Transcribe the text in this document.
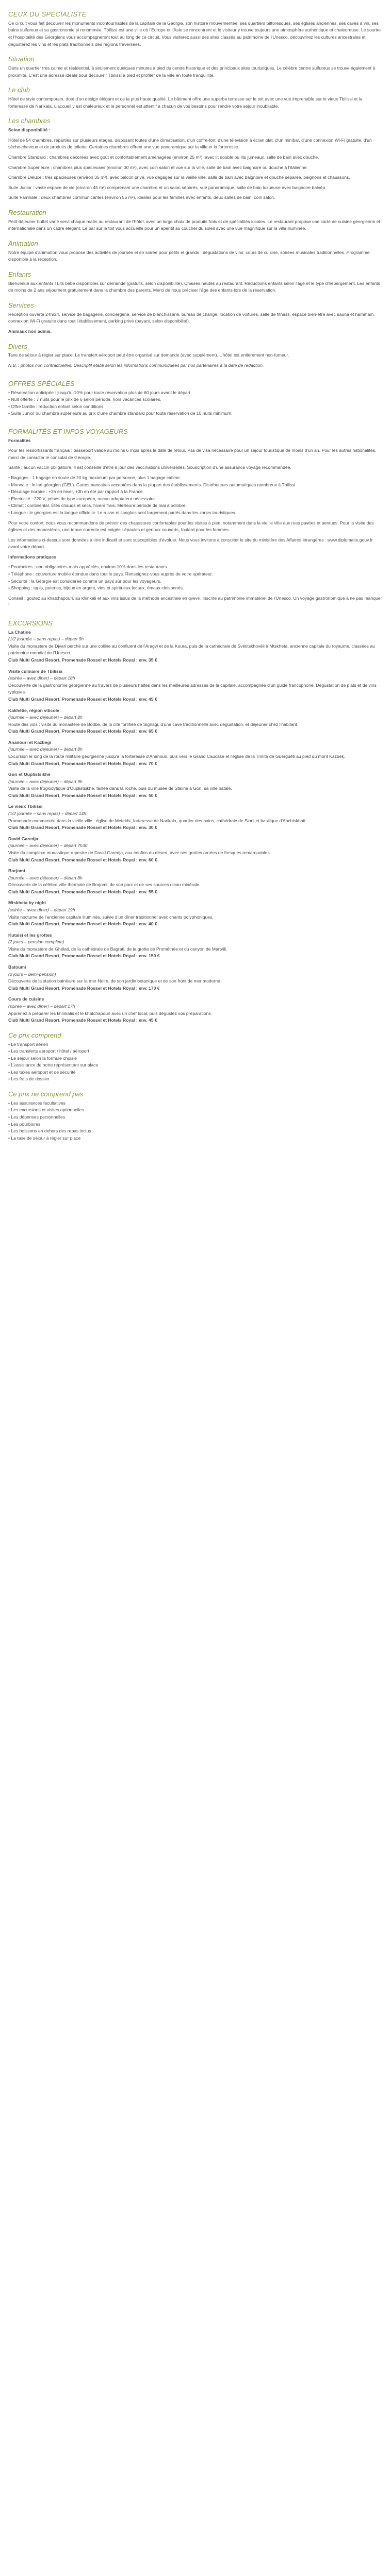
CEUX DU SPÉCIALISTE

Ce circuit vous fait découvrir les monuments incontournables de la capitale de la Géorgie, son histoire mouvementée, ses quartiers pittoresques, ses églises anciennes, ses caves à vin, ses bains sulfureux et sa gastronomie si renommée. Tbilissi est une ville où l'Europe et l'Asie se rencontrent et le visiteur y trouve toujours une atmosphère authentique et chaleureuse. Le sourire et l'hospitalité des Géorgiens vous accompagneront tout au long de ce circuit. Vous visiterez aussi des sites classés au patrimoine de l'Unesco, découvrirez les cultures ancestrales et dégusterez les vins et les plats traditionnels des régions traversées.

Situation

Dans un quartier très calme et résidentiel, à seulement quelques minutes à pied du centre historique et des principaux sites touristiques. Le célèbre centre sulfureux se trouve également à proximité. C'est une adresse idéale pour découvrir Tbilissi à pied et profiter de la ville en toute tranquillité.

Le club

Hôtel de style contemporain, doté d'un design élégant et de la plus haute qualité. Le bâtiment offre une superbe terrasse sur le toit avec une vue imprenable sur le vieux Tbilissi et la forteresse de Narikala. L'accueil y est chaleureux et le personnel est attentif à chacun de vos besoins pour rendre votre séjour inoubliable.

Les chambres

Selon disponibilité :

Hôtel de 54 chambres, réparties sur plusieurs étages, disposant toutes d'une climatisation, d'un coffre-fort, d'une télévision à écran plat, d'un minibar, d'une connexion Wi-Fi gratuite, d'un sèche-cheveux et de produits de toilette. Certaines chambres offrent une vue panoramique sur la ville et la forteresse.

Chambre Standard : chambres décorées avec goût et confortablement aménagées (environ 25 m²), avec lit double ou lits jumeaux, salle de bain avec douche.

Chambre Supérieure : chambres plus spacieuses (environ 30 m²), avec coin salon et vue sur la ville, salle de bain avec baignoire ou douche à l'italienne.

Chambre Deluxe : très spacieuses (environ 35 m²), avec balcon privé, vue dégagée sur la vieille ville, salle de bain avec baignoire et douche séparée, peignoirs et chaussons.

Suite Junior : vaste espace de vie (environ 45 m²) comprenant une chambre et un salon séparés, vue panoramique, salle de bain luxueuse avec baignoire balnéo.

Suite Familiale : deux chambres communicantes (environ 55 m²), idéales pour les familles avec enfants, deux salles de bain, coin salon.

Restauration

Petit-déjeuner buffet varié servi chaque matin au restaurant de l'hôtel, avec un large choix de produits frais et de spécialités locales. Le restaurant propose une carte de cuisine géorgienne et internationale dans un cadre élégant. Le bar sur le toit vous accueille pour un apéritif au coucher du soleil avec une vue magnifique sur la ville illuminée.

Animation

Notre équipe d'animation vous propose des activités de journée et en soirée pour petits et grands : dégustations de vins, cours de cuisine, soirées musicales traditionnelles. Programme disponible à la réception.

Enfants

Bienvenue aux enfants ! Lits bébé disponibles sur demande (gratuits, selon disponibilité). Chaises hautes au restaurant. Réductions enfants selon l'âge et le type d'hébergement. Les enfants de moins de 2 ans séjournent gratuitement dans la chambre des parents. Merci de nous préciser l'âge des enfants lors de la réservation.

Services

Réception ouverte 24h/24, service de bagagerie, conciergerie, service de blanchisserie, bureau de change, location de voitures, salle de fitness, espace bien-être avec sauna et hammam, connexion Wi-Fi gratuite dans tout l'établissement, parking privé (payant, selon disponibilité).

Animaux non admis.

Divers

Taxe de séjour à régler sur place. Le transfert aéroport peut être organisé sur demande (avec supplément). L'hôtel est entièrement non-fumeur.

N.B. : photos non contractuelles. Descriptif établi selon les informations communiquées par nos partenaires à la date de rédaction.

OFFRES SPÉCIALES
• Réservation anticipée : jusqu'à -10% pour toute réservation plus de 60 jours avant le départ.
• Nuit offerte : 7 nuits pour le prix de 6 selon période, hors vacances scolaires.
• Offre famille : réduction enfant selon conditions.
• Suite Junior ou chambre supérieure au prix d'une chambre standard pour toute réservation de 10 nuits minimum.
FORMALITÉS ET INFOS VOYAGEURS

Formalités

Pour les ressortissants français : passeport valide au moins 6 mois après la date de retour. Pas de visa nécessaire pour un séjour touristique de moins d'un an. Pour les autres nationalités, merci de consulter le consulat de Géorgie.

Santé : aucun vaccin obligatoire. Il est conseillé d'être à jour des vaccinations universelles. Souscription d'une assurance voyage recommandée.

• Bagages : 1 bagage en soute de 20 kg maximum par personne, plus 1 bagage cabine.
• Monnaie : le lari géorgien (GEL). Cartes bancaires acceptées dans la plupart des établissements. Distributeurs automatiques nombreux à Tbilissi.
• Décalage horaire : +2h en hiver, +3h en été par rapport à la France.
• Électricité : 220 V, prises de type européen, aucun adaptateur nécessaire.
• Climat : continental. Étés chauds et secs, hivers frais. Meilleure période de mai à octobre.
• Langue : le géorgien est la langue officielle. Le russe et l'anglais sont largement parlés dans les zones touristiques.

Pour votre confort, nous vous recommandons de prévoir des chaussures confortables pour les visites à pied, notamment dans la vieille ville aux rues pavées et pentues. Pour la visite des églises et des monastères, une tenue correcte est exigée : épaules et genoux couverts, foulard pour les femmes.

Les informations ci-dessus sont données à titre indicatif et sont susceptibles d'évoluer. Nous vous invitons à consulter le site du ministère des Affaires étrangères : www.diplomatie.gouv.fr avant votre départ.

Informations pratiques

• Pourboires : non obligatoires mais appréciés, environ 10% dans les restaurants.
• Téléphone : couverture mobile étendue dans tout le pays. Renseignez-vous auprès de votre opérateur.
• Sécurité : la Géorgie est considérée comme un pays sûr pour les voyageurs.
• Shopping : tapis, poteries, bijoux en argent, vins et spiritueux locaux, émaux cloisonnés.

Conseil : goûtez au khatchapouri, au khinkali et aux vins issus de la méthode ancestrale en qvevri, inscrite au patrimoine immatériel de l'Unesco. Un voyage gastronomique à ne pas manquer !

EXCURSIONS
La Chatine
(1/2 journée – sans repas) – départ 9h
Visite du monastère de Djvari perché sur une colline au confluent de l'Aragvi et de la Koura, puis de la cathédrale de Svétitskhovéli à Mtskheta, ancienne capitale du royaume, classées au patrimoine mondial de l'Unesco.
Club Multi Grand Resort, Promenade Rossel et Hotels Royal : env. 35 €
Visite culinaire de Tbilissi
(soirée – avec dîner) – départ 18h
Découverte de la gastronomie géorgienne au travers de plusieurs haltes dans les meilleures adresses de la capitale, accompagnée d'un guide francophone. Dégustation de plats et de vins typiques.
Club Multi Grand Resort, Promenade Rossel et Hotels Royal : env. 45 €
Kakhétie, région viticole
(journée – avec déjeuner) – départ 8h
Route des vins : visite du monastère de Bodbe, de la cité fortifiée de Signagi, d'une cave traditionnelle avec dégustation, et déjeuner chez l'habitant.
Club Multi Grand Resort, Promenade Rossel et Hotels Royal : env. 65 €
Ananouri et Kazbegi
(journée – avec déjeuner) – départ 8h
Excursion le long de la route militaire géorgienne jusqu'à la forteresse d'Ananouri, puis vers le Grand Caucase et l'église de la Trinité de Guerguéti au pied du mont Kazbek.
Club Multi Grand Resort, Promenade Rossel et Hotels Royal : env. 70 €
Gori et Ouplistsikhé
(journée – avec déjeuner) – départ 9h
Visite de la ville troglodytique d'Ouplistsikhé, taillée dans la roche, puis du musée de Staline à Gori, sa ville natale.
Club Multi Grand Resort, Promenade Rossel et Hotels Royal : env. 50 €
Le vieux Tbilissi
(1/2 journée – sans repas) – départ 14h
Promenade commentée dans la vieille ville : église de Metekhi, forteresse de Narikala, quartier des bains, cathédrale de Sioni et basilique d'Anchiskhati.
Club Multi Grand Resort, Promenade Rossel et Hotels Royal : env. 30 €
David Garedja
(journée – avec déjeuner) – départ 7h30
Visite du complexe monastique rupestre de David Garedja, aux confins du désert, avec ses grottes ornées de fresques remarquables.
Club Multi Grand Resort, Promenade Rossel et Hotels Royal : env. 60 €
Borjomi
(journée – avec déjeuner) – départ 8h
Découverte de la célèbre ville thermale de Borjomi, de son parc et de ses sources d'eau minérale.
Club Multi Grand Resort, Promenade Rossel et Hotels Royal : env. 55 €
Mtskheta by night
(soirée – avec dîner) – départ 19h
Visite nocturne de l'ancienne capitale illuminée, suivie d'un dîner traditionnel avec chants polyphoniques.
Club Multi Grand Resort, Promenade Rossel et Hotels Royal : env. 40 €
Kutaisi et les grottes
(2 jours – pension complète)
Visite du monastère de Ghélati, de la cathédrale de Bagrati, de la grotte de Prométhée et du canyon de Martvili.
Club Multi Grand Resort, Promenade Rossel et Hotels Royal : env. 150 €
Batoumi
(2 jours – demi-pension)
Découverte de la station balnéaire sur la mer Noire, de son jardin botanique et de son front de mer moderne.
Club Multi Grand Resort, Promenade Rossel et Hotels Royal : env. 170 €
Cours de cuisine
(soirée – avec dîner) – départ 17h
Apprenez à préparer les khinkalis et le khatchapouri avec un chef local, puis dégustez vos préparations.
Club Multi Grand Resort, Promenade Rossel et Hotels Royal : env. 45 €
Ce prix comprend
• Le transport aérien
• Les transferts aéroport / hôtel / aéroport
• Le séjour selon la formule choisie
• L'assistance de notre représentant sur place
• Les taxes aéroport et de sécurité
• Les frais de dossier
Ce prix ne comprend pas
• Les assurances facultatives
• Les excursions et visites optionnelles
• Les dépenses personnelles
• Les pourboires
• Les boissons en dehors des repas inclus
• La taxe de séjour à régler sur place
